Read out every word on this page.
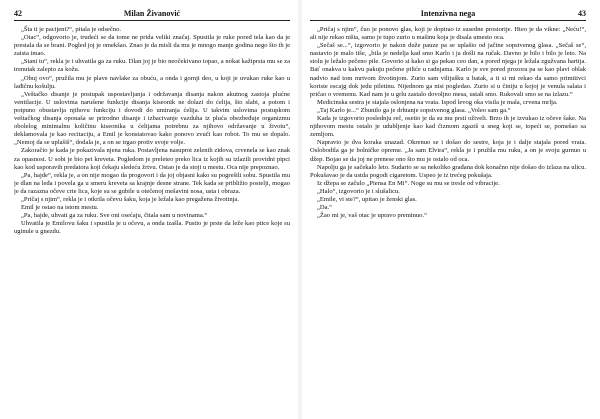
42	Milan Živanović

„Šta ti je pacijent?“, pitala je odsečno.

„Otac“, odgovorio je, trudeći se da tome ne prida veliki značaj. Spustila je ruke pored tela kao da je prestala da se brani. Pogled joj je omekšao. Znao je da misli da mu je mnogo manje godina nego što ih je zaista imao.

„Stani tu“, rekla je i uhvatila ga za ruku. Dlan joj je bio neočekivano topao, a nokat kažiprsta mu se za trenutak zalepio za kožu.

„Obuj ovo“, pružila mu je plave navlake za obuću, a onda i gornji deo, u koji je uvukao ruke kao u lađičnu košulju.

„Veštačko disanje je postupak uspostavljanja i održavanja disanja nakon akutnog zastoja plućne ventilacije. U uslovima narušene funkcije disanja kiseonik ne dolazi do ćelija, što slabi, a potom i potpuno obustavlja njihovu funkciju i dovodi do umiranja ćelija. U takvim uslovima postupkom veštačkog disanja oponaša se prirodno disanje i izbacivanje vazduha iz pluća obezbeđuje organizmu obolelog minimalnu količinu kiseonika u ćelijama potrebnu za njihovo održavanje u životu“, deklamovala je kao recitaciju, a Emil je konstatovao kako ponovo zvuči kao robot. To mu se dopalo. „Nemoj da se uplašiš“, dodala je, a on se trgao protiv svoje volje.

Zakoračio je kada je pokazivala njena ruka. Postavljena nasuprot zelenih zidova, crvenela se kao znak za opasnost. U sobi je bio pet kreveta. Pogledom je preleteo preko lica iz kojih su izlazili providni pipci kao kod usporavih predatora koji čekaju sledeću žrtvu. Ostao je da stoji u mestu. Oca nije prepoznao.

„Pa, hajde“, rekla je, a on nije mogao da progovori i da joj objasni kako su pogrešili sobu. Spustila mu je dlan na leđa i povela ga u smeru kreveta sa krajnje desne strane. Tek kada se približio postelji, mogao je da razazna očeve crte lica, koje su se gubile u otečenoj mešavini nosa, usta i obraza.

„Pričaj s njim“, rekla je i otkrila očevu šaku, koja je ležala kao pregažena životinja.

Emil je ostao na istom mestu.

„Pa, hajde, uhvati ga za ruku. Sve oni osećaju, čitala sam u novinama.“

Uhvatila je Emilovu šaku i spustila je u očevu, a onda izašla. Pustio je prste da leže kao ptice koje su uginule u gnezdu.

Intenzivna nega	43

„Pričaj s njim“, čuo je ponovo glas, koji je dopirao iz susedne prostorije. Hteo je da vikne: „Neću!“, ali nije rekao ništa, samo je tupo zurio u mašinu koja je disala umesto oca.

„Sečaš se...“, izgovorio je nakon duže pauze pa se uplašio od jačine sopstvenog glasa. „Sečaš se“, nastavio je malo tiše, „bila je nedelja kad smo Karlo i ja došli na ručak. Davno je bilo i bilo je leto. Na stolu je ležalo pečeno pile. Govorio si kako si ga pekao ceo dan, a pored njega je ležala zgužvana hartija. Bať onakva u kakvu pakuju pečene piliće u radnjama. Karlo je sve pored prozora pa se kao plavi oblak nadvio nad tom mrtvom životinjom. Zurio sam vilijušku u batak, a ti si mi rekao da samo primitivci koriste escajg dok jedu piletinu. Nijednom ga nisi pogledao. Zurio si u činiju u kojoj je venula salata i pričao o vremenu. Kad nam je u grlu zastalo dovoljno mesa, ustali smo. Rukovali smo se na izlazu.“

Medicinska sestra je stajala oslonjena na vrata. Ispod levog oka visila je mala, crvena mrlja.

„Taj Karlo je...“ Zbunilo ga je drhtanje sopstvenog glasa. „Voleo sam ga.“

Kada je izgovorio poslednju reč, osetio je da su mu prsti oživeli. Brzo ih je izvukao iz očeve šake. Na njihovom mestu ostalo je udubljenje kao kad čizmom zgaziš u sneg koji se, topeći se, pomešao sa zemljom.

Napravio je dva koraka unazad. Okrenuo se i došao do sestre, koja je i dalje stajala pored vrata. Oslobodila ga je bolničke opreme. „Ja sam Elvira“, rekla je i pružila mu ruku, a on je svoju gurnuo u džep. Bojao se da joj ne prenese ono što mu je ostalo od oca.

Napolju ga je sačekalo leto. Sudario se sa nekoliko građana dok konačno nije došao do izlaza na ulicu. Pokušavao je da ustda pogodi cigaretom. Uspeo je iz trećeg pokušaja.

Iz džepa se začulo „Piensa En Mi“. Noge su mu se tresle od vibracije.

„Halo“, izgovorio je i slušalicu.

„Emile, vi ste?“, upitao je ženski glas.

„Da.“

„Žao mi je, vaš otac je upravo preminuo.“
